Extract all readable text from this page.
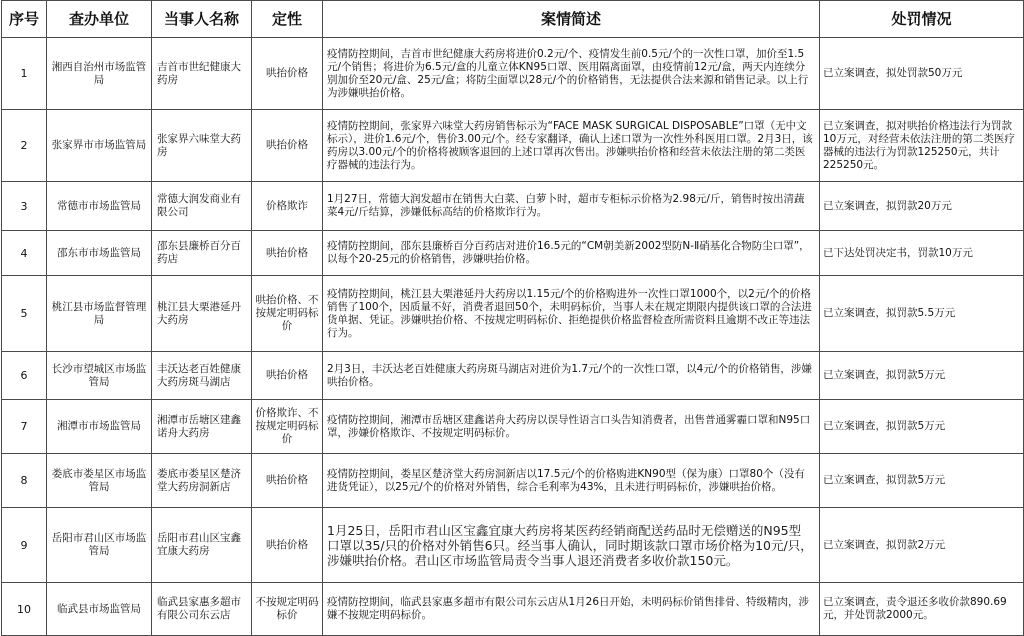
序号	查办单位	当事人名称	定性	案情简述	处罚情况
1	湘西自治州市场监管局	吉首市世纪健康大药房	哄抬价格	疫情防控期间，吉首市世纪健康大药房将进价0.2元/个、疫情发生前0.5元/个的一次性口罩，加价至1.5元/个销售；将进价为6.5元/盒的儿童立体KN95口罩、医用隔离面罩，由疫情前12元/盒，两天内连续分别加价至20元/盒、25元/盒；将防尘面罩以28元/个的价格销售，无法提供合法来源和销售记录。以上行为涉嫌哄抬价格。	已立案调查，拟处罚款50万元
2	张家界市市场监管局	张家界六味堂大药房	哄抬价格	疫情防控期间，张家界六味堂大药房销售标示为“FACE MASK SURGICAL DISPOSABLE”口罩（无中文标示），进价1.6元/个，售价3.00元/个。经专家翻译，确认上述口罩为一次性外科医用口罩。2月3日，该药房以3.00元/个的价格将被顾客退回的上述口罩再次售出。涉嫌哄抬价格和经营未依法注册的第二类医疗器械的违法行为。	已立案调查，拟对哄抬价格违法行为罚款10万元，对经营未依法注册的第二类医疗器械的违法行为罚款125250元，共计225250元。
3	常德市市场监管局	常德大润发商业有限公司	价格欺诈	1月27日，常德大润发超市在销售大白菜、白萝卜时，超市专柜标示价格为2.98元/斤，销售时按出清蔬菜4元/斤结算，涉嫌低标高结的价格欺诈行为。	已立案调查，拟罚款20万元
4	邵东市市场监管局	邵东县廉桥百分百药店	哄抬价格	疫情防控期间，邵东县廉桥百分百药店对进价16.5元的“CM朝美新2002型防N-Ⅱ硝基化合物防尘口罩”，以每个20-25元的价格销售，涉嫌哄抬价格。	已下达处罚决定书，罚款10万元
5	桃江县市场监督管理局	桃江县大栗港延丹大药房	哄抬价格、不按规定明码标价	疫情防控期间，桃江县大栗港延丹大药房以1.15元/个的价格购进外一次性口罩1000个，以2元/个的价格销售了100个，因质量不好，消费者退回50个，未明码标价，当事人未在规定期限内提供该口罩的合法进货单据、凭证。涉嫌哄抬价格、不按规定明码标价、拒绝提供价格监督检查所需资料且逾期不改正等违法行为。	已立案调查，拟罚款5.5万元
6	长沙市望城区市场监管局	丰沃达老百姓健康大药房斑马湖店	哄抬价格	2月3日，丰沃达老百姓健康大药房斑马湖店对进价为1.7元/个的一次性口罩，以4元/个的价格销售，涉嫌哄抬价格。	已立案调查，拟罚款5万元
7	湘潭市市场监管局	湘潭市岳塘区建鑫诺舟大药房	价格欺诈、不按规定明码标价	疫情防控期间，湘潭市岳塘区建鑫诺舟大药房以误导性语言口头告知消费者，出售普通雾霾口罩和N95口罩，涉嫌价格欺诈、不按规定明码标价。	已立案调查，拟罚款5万元
8	娄底市娄星区市场监管局	娄底市娄星区楚济堂大药房洞新店	哄抬价格	疫情防控期间，娄星区楚济堂大药房洞新店以17.5元/个的价格购进KN90型（保为康）口罩80个（没有进货凭证），以25元/个的价格对外销售，综合毛利率为43%，且未进行明码标价，涉嫌哄抬价格。	已立案调查，拟罚款5万元
9	岳阳市君山区市场监管局	岳阳市君山区宝鑫宜康大药房	哄抬价格	1月25日，岳阳市君山区宝鑫宜康大药房将某医药经销商配送药品时无偿赠送的N95型口罩以35/只的价格对外销售6只。经当事人确认，同时期该款口罩市场价格为10元/只，涉嫌哄抬价格。君山区市场监管局责令当事人退还消费者多收价款150元。	已立案调查，拟罚款2万元
10	临武县市场监管局	临武县家惠多超市有限公司东云店	不按规定明码标价	疫情防控期间，临武县家惠多超市有限公司东云店从1月26日开始，未明码标价销售排骨、特级精肉，涉嫌不按规定明码标价。	已立案调查，责令退还多收价款890.69元，并处罚款2000元。
